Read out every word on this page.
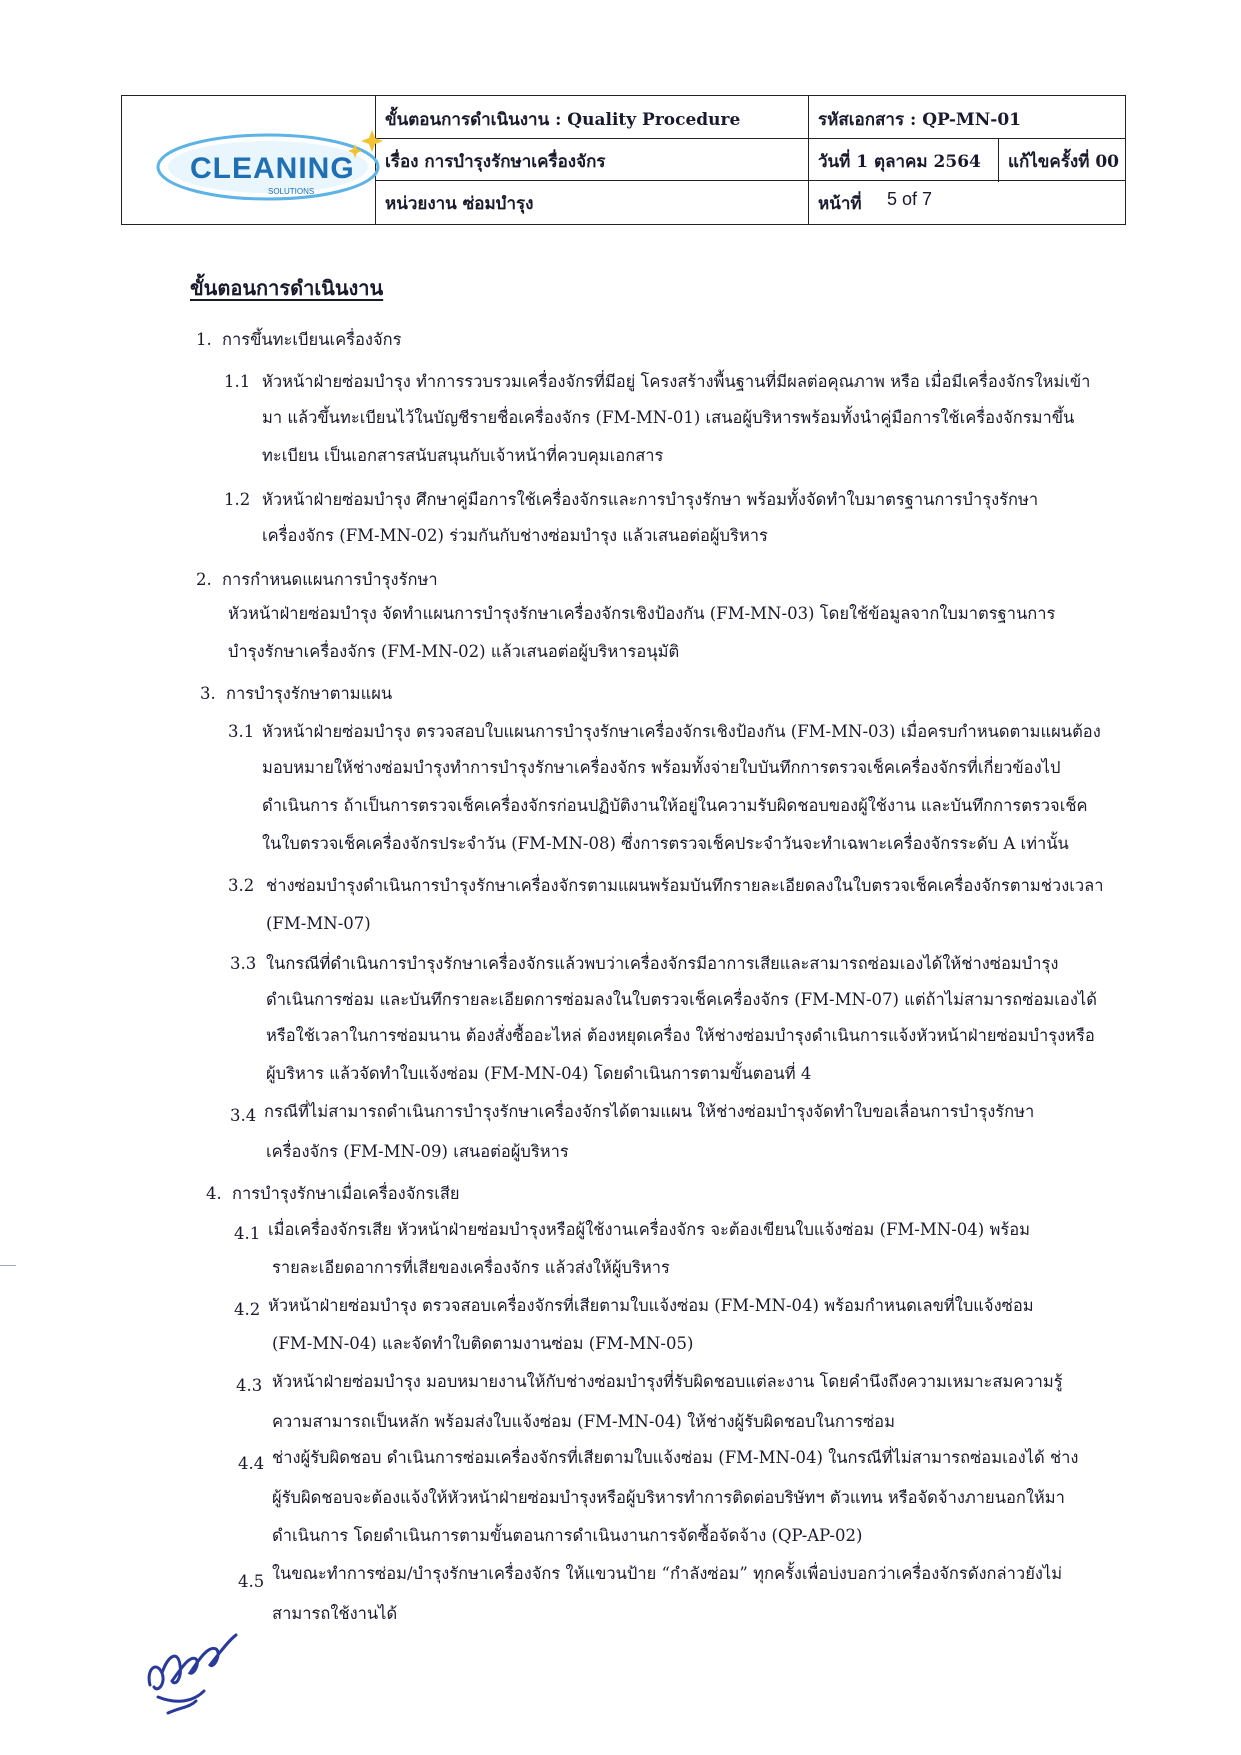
CLEANING
SOLUTIONS
ขั้นตอนการดำเนินงาน : Quality Procedure
เรื่อง การบำรุงรักษาเครื่องจักร
หน่วยงาน ซ่อมบำรุง
รหัสเอกสาร : QP-MN-01
วันที่ 1 ตุลาคม 2564 แก้ไขครั้งที่ 00
หน้าที่ 5 of 7
ขั้นตอนการดำเนินงาน
1. การขึ้นทะเบียนเครื่องจักร
1.1 หัวหน้าฝ่ายซ่อมบำรุง ทำการรวบรวมเครื่องจักรที่มีอยู่ โครงสร้างพื้นฐานที่มีผลต่อคุณภาพ หรือ เมื่อมีเครื่องจักรใหม่เข้า
มา แล้วขึ้นทะเบียนไว้ในบัญชีรายชื่อเครื่องจักร (FM-MN-01) เสนอผู้บริหารพร้อมทั้งนำคู่มือการใช้เครื่องจักรมาขึ้น
ทะเบียน เป็นเอกสารสนับสนุนกับเจ้าหน้าที่ควบคุมเอกสาร
1.2 หัวหน้าฝ่ายซ่อมบำรุง ศึกษาคู่มือการใช้เครื่องจักรและการบำรุงรักษา พร้อมทั้งจัดทำใบมาตรฐานการบำรุงรักษา
เครื่องจักร (FM-MN-02) ร่วมกันกับช่างซ่อมบำรุง แล้วเสนอต่อผู้บริหาร
2. การกำหนดแผนการบำรุงรักษา
หัวหน้าฝ่ายซ่อมบำรุง จัดทำแผนการบำรุงรักษาเครื่องจักรเชิงป้องกัน (FM-MN-03) โดยใช้ข้อมูลจากใบมาตรฐานการ
บำรุงรักษาเครื่องจักร (FM-MN-02) แล้วเสนอต่อผู้บริหารอนุมัติ
3. การบำรุงรักษาตามแผน
3.1 หัวหน้าฝ่ายซ่อมบำรุง ตรวจสอบใบแผนการบำรุงรักษาเครื่องจักรเชิงป้องกัน (FM-MN-03) เมื่อครบกำหนดตามแผนต้อง
มอบหมายให้ช่างซ่อมบำรุงทำการบำรุงรักษาเครื่องจักร พร้อมทั้งจ่ายใบบันทึกการตรวจเช็คเครื่องจักรที่เกี่ยวข้องไป
ดำเนินการ ถ้าเป็นการตรวจเช็คเครื่องจักรก่อนปฏิบัติงานให้อยู่ในความรับผิดชอบของผู้ใช้งาน และบันทึกการตรวจเช็ค
ในใบตรวจเช็คเครื่องจักรประจำวัน (FM-MN-08) ซึ่งการตรวจเช็คประจำวันจะทำเฉพาะเครื่องจักรระดับ A เท่านั้น
3.2 ช่างซ่อมบำรุงดำเนินการบำรุงรักษาเครื่องจักรตามแผนพร้อมบันทึกรายละเอียดลงในใบตรวจเช็คเครื่องจักรตามช่วงเวลา
(FM-MN-07)
3.3 ในกรณีที่ดำเนินการบำรุงรักษาเครื่องจักรแล้วพบว่าเครื่องจักรมีอาการเสียและสามารถซ่อมเองได้ให้ช่างซ่อมบำรุง
ดำเนินการซ่อม และบันทึกรายละเอียดการซ่อมลงในใบตรวจเช็คเครื่องจักร (FM-MN-07) แต่ถ้าไม่สามารถซ่อมเองได้
หรือใช้เวลาในการซ่อมนาน ต้องสั่งซื้ออะไหล่ ต้องหยุดเครื่อง ให้ช่างซ่อมบำรุงดำเนินการแจ้งหัวหน้าฝ่ายซ่อมบำรุงหรือ
ผู้บริหาร แล้วจัดทำใบแจ้งซ่อม (FM-MN-04) โดยดำเนินการตามขั้นตอนที่ 4
3.4 กรณีที่ไม่สามารถดำเนินการบำรุงรักษาเครื่องจักรได้ตามแผน ให้ช่างซ่อมบำรุงจัดทำใบขอเลื่อนการบำรุงรักษา
เครื่องจักร (FM-MN-09) เสนอต่อผู้บริหาร
4. การบำรุงรักษาเมื่อเครื่องจักรเสีย
4.1 เมื่อเครื่องจักรเสีย หัวหน้าฝ่ายซ่อมบำรุงหรือผู้ใช้งานเครื่องจักร จะต้องเขียนใบแจ้งซ่อม (FM-MN-04) พร้อม
รายละเอียดอาการที่เสียของเครื่องจักร แล้วส่งให้ผู้บริหาร
4.2 หัวหน้าฝ่ายซ่อมบำรุง ตรวจสอบเครื่องจักรที่เสียตามใบแจ้งซ่อม (FM-MN-04) พร้อมกำหนดเลขที่ใบแจ้งซ่อม
(FM-MN-04) และจัดทำใบติดตามงานซ่อม (FM-MN-05)
4.3 หัวหน้าฝ่ายซ่อมบำรุง มอบหมายงานให้กับช่างซ่อมบำรุงที่รับผิดชอบแต่ละงาน โดยคำนึงถึงความเหมาะสมความรู้
ความสามารถเป็นหลัก พร้อมส่งใบแจ้งซ่อม (FM-MN-04) ให้ช่างผู้รับผิดชอบในการซ่อม
4.4 ช่างผู้รับผิดชอบ ดำเนินการซ่อมเครื่องจักรที่เสียตามใบแจ้งซ่อม (FM-MN-04) ในกรณีที่ไม่สามารถซ่อมเองได้ ช่าง
ผู้รับผิดชอบจะต้องแจ้งให้หัวหน้าฝ่ายซ่อมบำรุงหรือผู้บริหารทำการติดต่อบริษัทฯ ตัวแทน หรือจัดจ้างภายนอกให้มา
ดำเนินการ โดยดำเนินการตามขั้นตอนการดำเนินงานการจัดซื้อจัดจ้าง (QP-AP-02)
4.5 ในขณะทำการซ่อม/บำรุงรักษาเครื่องจักร ให้แขวนป้าย “กำลังซ่อม” ทุกครั้งเพื่อบ่งบอกว่าเครื่องจักรดังกล่าวยังไม่
สามารถใช้งานได้
